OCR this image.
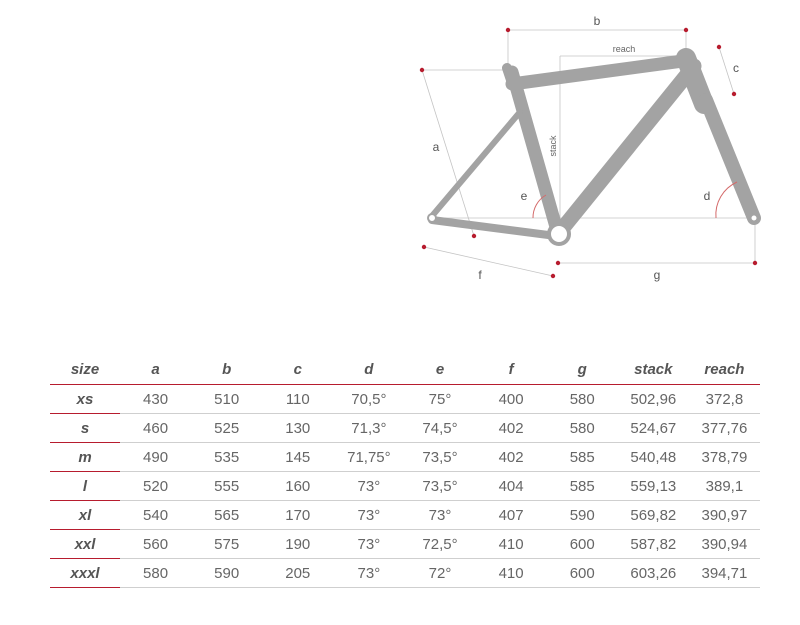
b
reach
c
a	stack
e	d
f	g
size	a	b	c	d	e	f	g	stack	reach
xs	430	510	110	70,5°	75°	400	580	502,96	372,8
s	460	525	130	71,3°	74,5°	402	580	524,67	377,76
m	490	535	145	71,75°	73,5°	402	585	540,48	378,79
l	520	555	160	73°	73,5°	404	585	559,13	389,1
xl	540	565	170	73°	73°	407	590	569,82	390,97
xxl	560	575	190	73°	72,5°	410	600	587,82	390,94
xxxl	580	590	205	73°	72°	410	600	603,26	394,71
